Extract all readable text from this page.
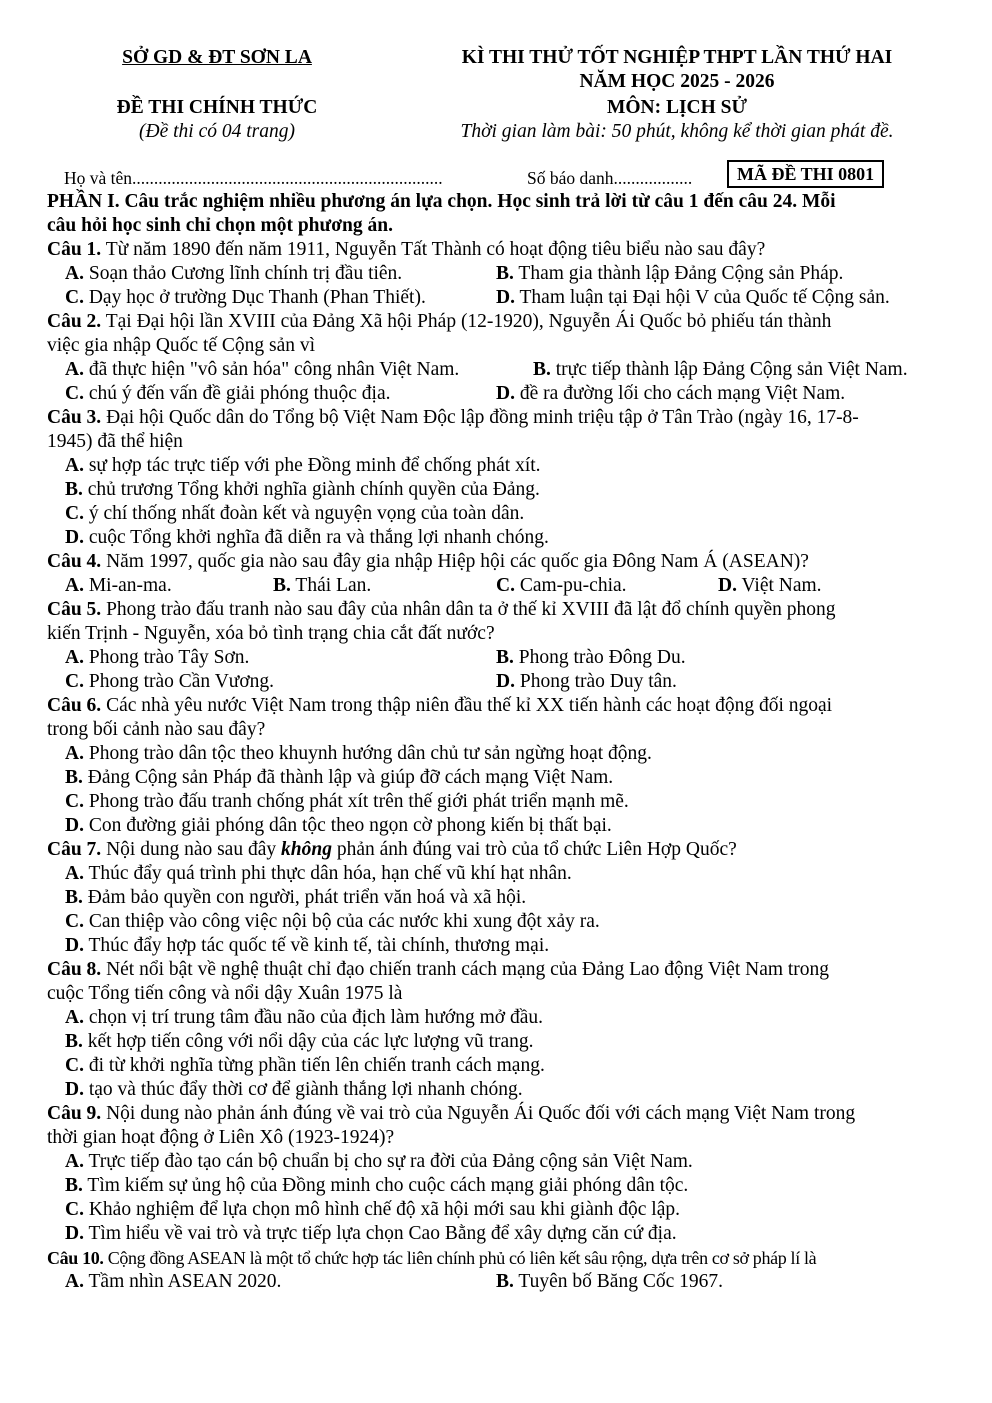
SỞ GD & ĐT SƠN LA
ĐỀ THI CHÍNH THỨC
(Đề thi có 04 trang)
KÌ THI THỬ TỐT NGHIỆP THPT LẦN THỨ HAI
NĂM HỌC 2025 - 2026
MÔN: LỊCH SỬ
Thời gian làm bài: 50 phút, không kể thời gian phát đề.
Họ và tên.......................................................................	Số báo danh..................	MÃ ĐỀ THI 0801
PHẦN I. Câu trắc nghiệm nhiều phương án lựa chọn. Học sinh trả lời từ câu 1 đến câu 24. Mỗi
câu hỏi học sinh chỉ chọn một phương án.
Câu 1. Từ năm 1890 đến năm 1911, Nguyễn Tất Thành có hoạt động tiêu biểu nào sau đây?
A. Soạn thảo Cương lĩnh chính trị đầu tiên.	B. Tham gia thành lập Đảng Cộng sản Pháp.
C. Dạy học ở trường Dục Thanh (Phan Thiết).	D. Tham luận tại Đại hội V của Quốc tế Cộng sản.
Câu 2. Tại Đại hội lần XVIII của Đảng Xã hội Pháp (12-1920), Nguyễn Ái Quốc bỏ phiếu tán thành
việc gia nhập Quốc tế Cộng sản vì
A. đã thực hiện "vô sản hóa" công nhân Việt Nam.	B. trực tiếp thành lập Đảng Cộng sản Việt Nam.
C. chú ý đến vấn đề giải phóng thuộc địa.	D. đề ra đường lối cho cách mạng Việt Nam.
Câu 3. Đại hội Quốc dân do Tổng bộ Việt Nam Độc lập đồng minh triệu tập ở Tân Trào (ngày 16, 17-8-
1945) đã thể hiện
A. sự hợp tác trực tiếp với phe Đồng minh để chống phát xít.
B. chủ trương Tổng khởi nghĩa giành chính quyền của Đảng.
C. ý chí thống nhất đoàn kết và nguyện vọng của toàn dân.
D. cuộc Tổng khởi nghĩa đã diễn ra và thắng lợi nhanh chóng.
Câu 4. Năm 1997, quốc gia nào sau đây gia nhập Hiệp hội các quốc gia Đông Nam Á (ASEAN)?
A. Mi-an-ma.	B. Thái Lan.	C. Cam-pu-chia.	D. Việt Nam.
Câu 5. Phong trào đấu tranh nào sau đây của nhân dân ta ở thế kỉ XVIII đã lật đổ chính quyền phong
kiến Trịnh - Nguyễn, xóa bỏ tình trạng chia cắt đất nước?
A. Phong trào Tây Sơn.	B. Phong trào Đông Du.
C. Phong trào Cần Vương.	D. Phong trào Duy tân.
Câu 6. Các nhà yêu nước Việt Nam trong thập niên đầu thế kỉ XX tiến hành các hoạt động đối ngoại
trong bối cảnh nào sau đây?
A. Phong trào dân tộc theo khuynh hướng dân chủ tư sản ngừng hoạt động.
B. Đảng Cộng sản Pháp đã thành lập và giúp đỡ cách mạng Việt Nam.
C. Phong trào đấu tranh chống phát xít trên thế giới phát triển mạnh mẽ.
D. Con đường giải phóng dân tộc theo ngọn cờ phong kiến bị thất bại.
Câu 7. Nội dung nào sau đây không phản ánh đúng vai trò của tổ chức Liên Hợp Quốc?
A. Thúc đẩy quá trình phi thực dân hóa, hạn chế vũ khí hạt nhân.
B. Đảm bảo quyền con người, phát triển văn hoá và xã hội.
C. Can thiệp vào công việc nội bộ của các nước khi xung đột xảy ra.
D. Thúc đẩy hợp tác quốc tế về kinh tế, tài chính, thương mại.
Câu 8. Nét nổi bật về nghệ thuật chỉ đạo chiến tranh cách mạng của Đảng Lao động Việt Nam trong
cuộc Tổng tiến công và nổi dậy Xuân 1975 là
A. chọn vị trí trung tâm đầu não của địch làm hướng mở đầu.
B. kết hợp tiến công với nổi dậy của các lực lượng vũ trang.
C. đi từ khởi nghĩa từng phần tiến lên chiến tranh cách mạng.
D. tạo và thúc đẩy thời cơ để giành thắng lợi nhanh chóng.
Câu 9. Nội dung nào phản ánh đúng về vai trò của Nguyễn Ái Quốc đối với cách mạng Việt Nam trong
thời gian hoạt động ở Liên Xô (1923-1924)?
A. Trực tiếp đào tạo cán bộ chuẩn bị cho sự ra đời của Đảng cộng sản Việt Nam.
B. Tìm kiếm sự ủng hộ của Đồng minh cho cuộc cách mạng giải phóng dân tộc.
C. Khảo nghiệm để lựa chọn mô hình chế độ xã hội mới sau khi giành độc lập.
D. Tìm hiểu về vai trò và trực tiếp lựa chọn Cao Bằng để xây dựng căn cứ địa.
Câu 10. Cộng đồng ASEAN là một tổ chức hợp tác liên chính phủ có liên kết sâu rộng, dựa trên cơ sở pháp lí là
A. Tầm nhìn ASEAN 2020.	B. Tuyên bố Băng Cốc 1967.
